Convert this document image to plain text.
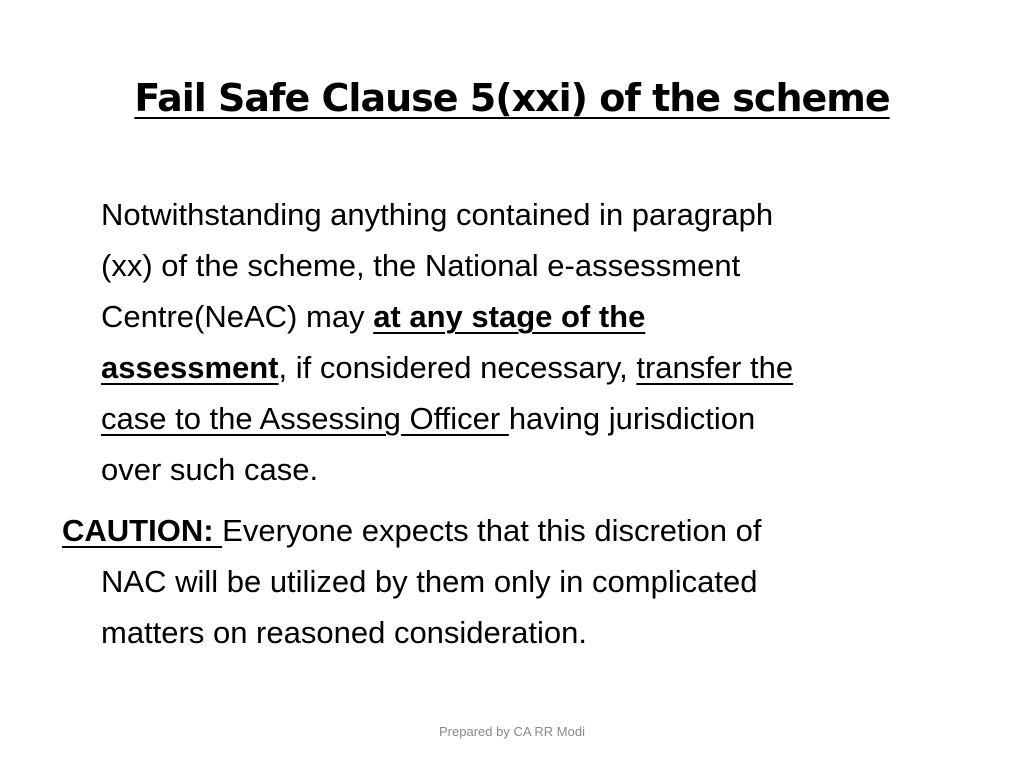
Fail Safe Clause 5(xxi) of the scheme
Notwithstanding anything contained in paragraph
(xx) of the scheme, the National e-assessment
Centre(NeAC) may at any stage of the
assessment, if considered necessary, transfer the
case to the Assessing Officer having jurisdiction
over such case.
CAUTION: Everyone expects that this discretion of
NAC will be utilized by them only in complicated
matters on reasoned consideration.
Prepared by CA RR Modi
